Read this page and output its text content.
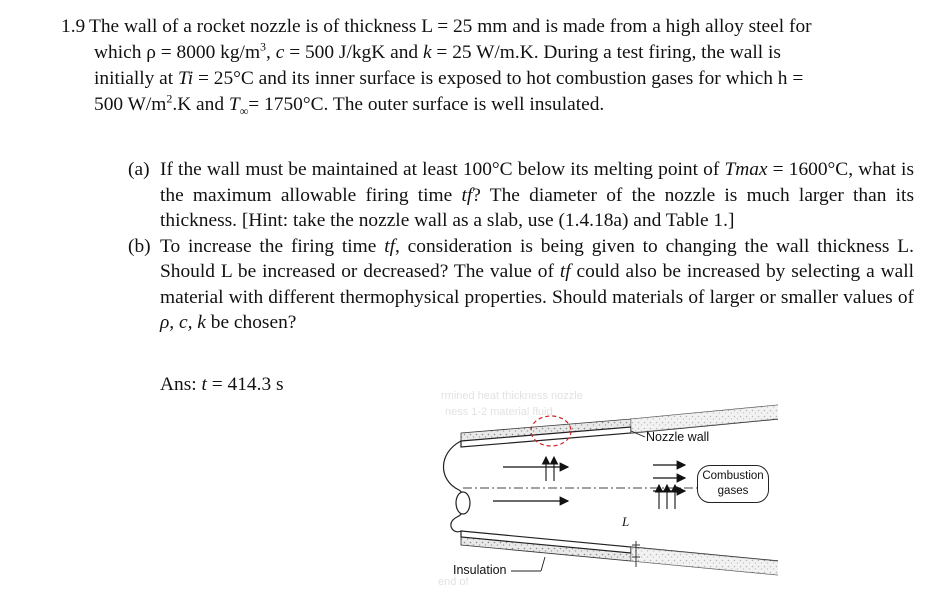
1.9 The wall of a rocket nozzle is of thickness L = 25 mm and is made from a high alloy steel for
which ρ = 8000 $kg/m^3$, c = 500 J/kgK and k = 25 W/m.K. During a test firing, the wall is
initially at Ti = 25°C and its inner surface is exposed to hot combustion gases for which h =
500 $W/m^2.K$ and $T_\infty= 1750^\circ C$. The outer surface is well insulated.
(a) If the wall must be maintained at least 100°C below its melting point of Tmax = 1600°C, what is the maximum allowable firing time tf? The diameter of the nozzle is much larger than its thickness. [Hint: take the nozzle wall as a slab, use (1.4.18a) and Table 1.]
(b) To increase the firing time tf, consideration is being given to changing the wall thickness L. Should L be increased or decreased? The value of tf could also be increased by selecting a wall material with different thermophysical properties. Should materials of larger or smaller values of ρ, c, k be chosen?
Ans: t = 414.3 s
rmined heat thickness nozzle
ness 1-2 material fluid
end of
Nozzle wall
Combustion
gases
L
Insulation
